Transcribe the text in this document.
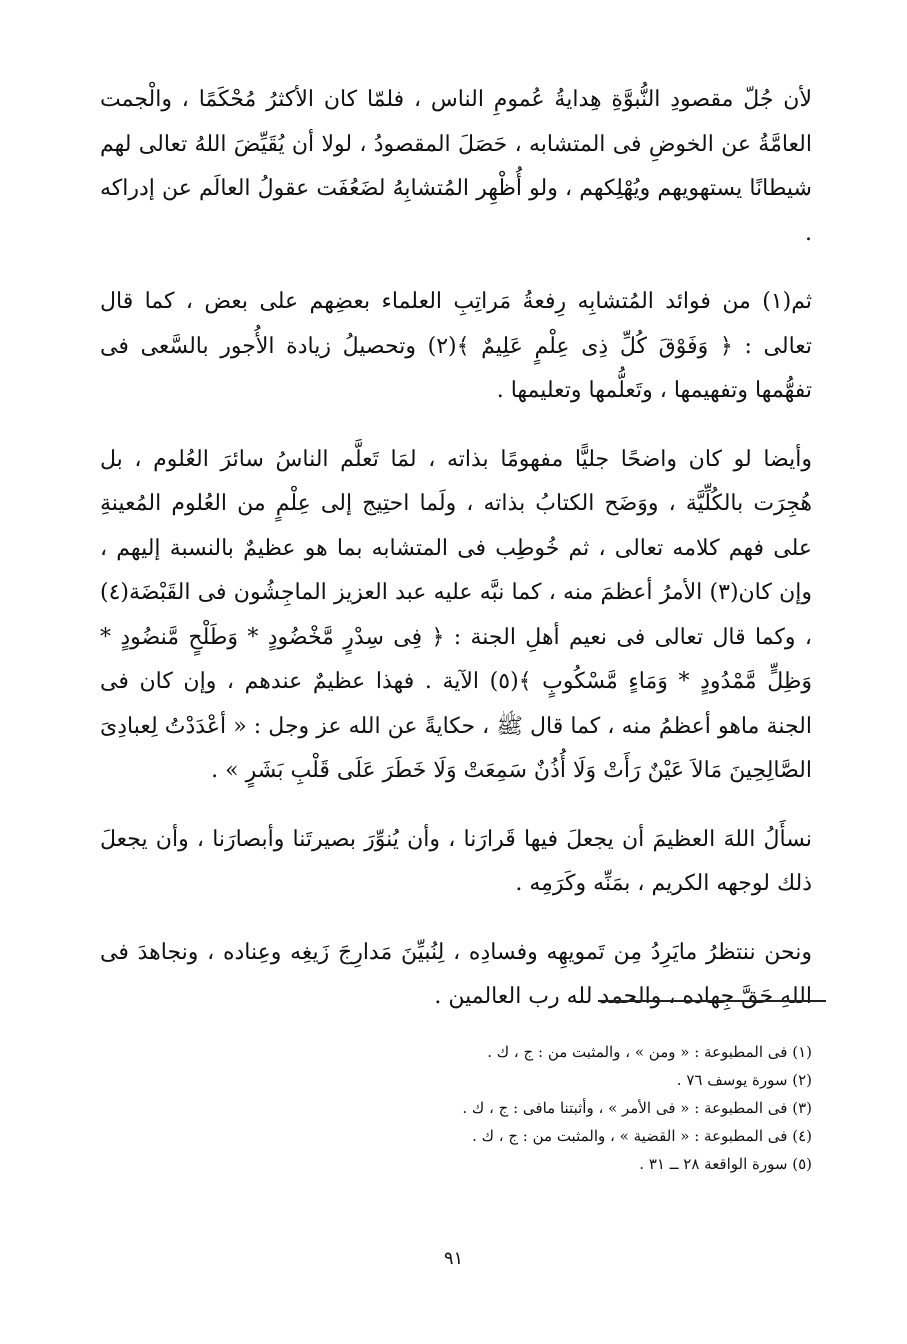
لأن جُلّ مقصودِ النُّبوَّةِ هِدايةُ عُمومِ الناس ، فلمّا كان الأكثرُ مُحْكَمًا ، والْجمت العامَّةُ عن الخوضِ فى المتشابه ، حَصَلَ المقصودُ ، لولا أن يُقَيِّضَ اللهُ تعالى لهم شيطانًا يستهويهم ويُهْلِكهم ، ولو أُظْهِر المُتشابِهُ لضَعُفَت عقولُ العالَم عن إدراكه .

ثم(١) من فوائد المُتشابِه رِفعةُ مَراتِبِ العلماء بعضِهم على بعض ، كما قال تعالى : ﴿ وَفَوْقَ كُلِّ ذِى عِلْمٍ عَلِيمٌ ﴾(٢) وتحصيلُ زيادة الأُجور بالسَّعى فى تفهُّمها وتفهيمها ، وتَعلُّمها وتعليمها .

وأيضا لو كان واضحًا جليًّا مفهومًا بذاته ، لمَا تَعلَّم الناسُ سائرَ العُلوم ، بل هُجِرَت بالكُلِّيَّة ، ووَضَح الكتابُ بذاته ، ولَما احتِيج إلى عِلْمٍ من العُلوم المُعينةِ على فهم كلامه تعالى ، ثم خُوطِب فى المتشابه بما هو عظيمٌ بالنسبة إليهم ، وإن كان(٣) الأمرُ أعظمَ منه ، كما نبَّه عليه عبد العزيز الماجِشُون فى القَبْضَة(٤) ، وكما قال تعالى فى نعيم أهلِ الجنة : ﴿ فِى سِدْرٍ مَّخْضُودٍ * وَطَلْحٍ مَّنضُودٍ * وَظِلٍّ مَّمْدُودٍ * وَمَاءٍ مَّسْكُوبٍ ﴾(٥) الآية . فهذا عظيمٌ عندهم ، وإن كان فى الجنة ماهو أعظمُ منه ، كما قال ﷺ ، حكايةً عن الله عز وجل : « أعْدَدْتُ لِعبادِىَ الصَّالِحِينَ مَالاَ عَيْنٌ رَأَتْ وَلَا أُذُنٌ سَمِعَتْ وَلَا خَطَرَ عَلَى قَلْبِ بَشَرٍ » .

نسأَلُ اللهَ العظيمَ أن يجعلَ فيها قَرارَنا ، وأن يُنوِّرَ بصيرتَنا وأبصارَنا ، وأن يجعلَ ذلك لوجهه الكريم ، بمَنِّه وكَرَمِه .

ونحن ننتظرُ مايَرِدُ مِن تَمويهِه وفسادِه ، لِنُبيِّنَ مَدارِجَ زَيغِه وعِناده ، ونجاهدَ فى اللهِ حَقَّ جِهاده ، والحمد لله رب العالمين .

(١) فى المطبوعة : « ومن » ، والمثبت من : ج ، ك .

(٢) سورة يوسف ٧٦ .

(٣) فى المطبوعة : « فى الأمر » ، وأثبتنا مافى : ج ، ك .

(٤) فى المطبوعة : « القضية » ، والمثبت من : ج ، ك .

(٥) سورة الواقعة ٢٨ ــ ٣١ .

٩١
